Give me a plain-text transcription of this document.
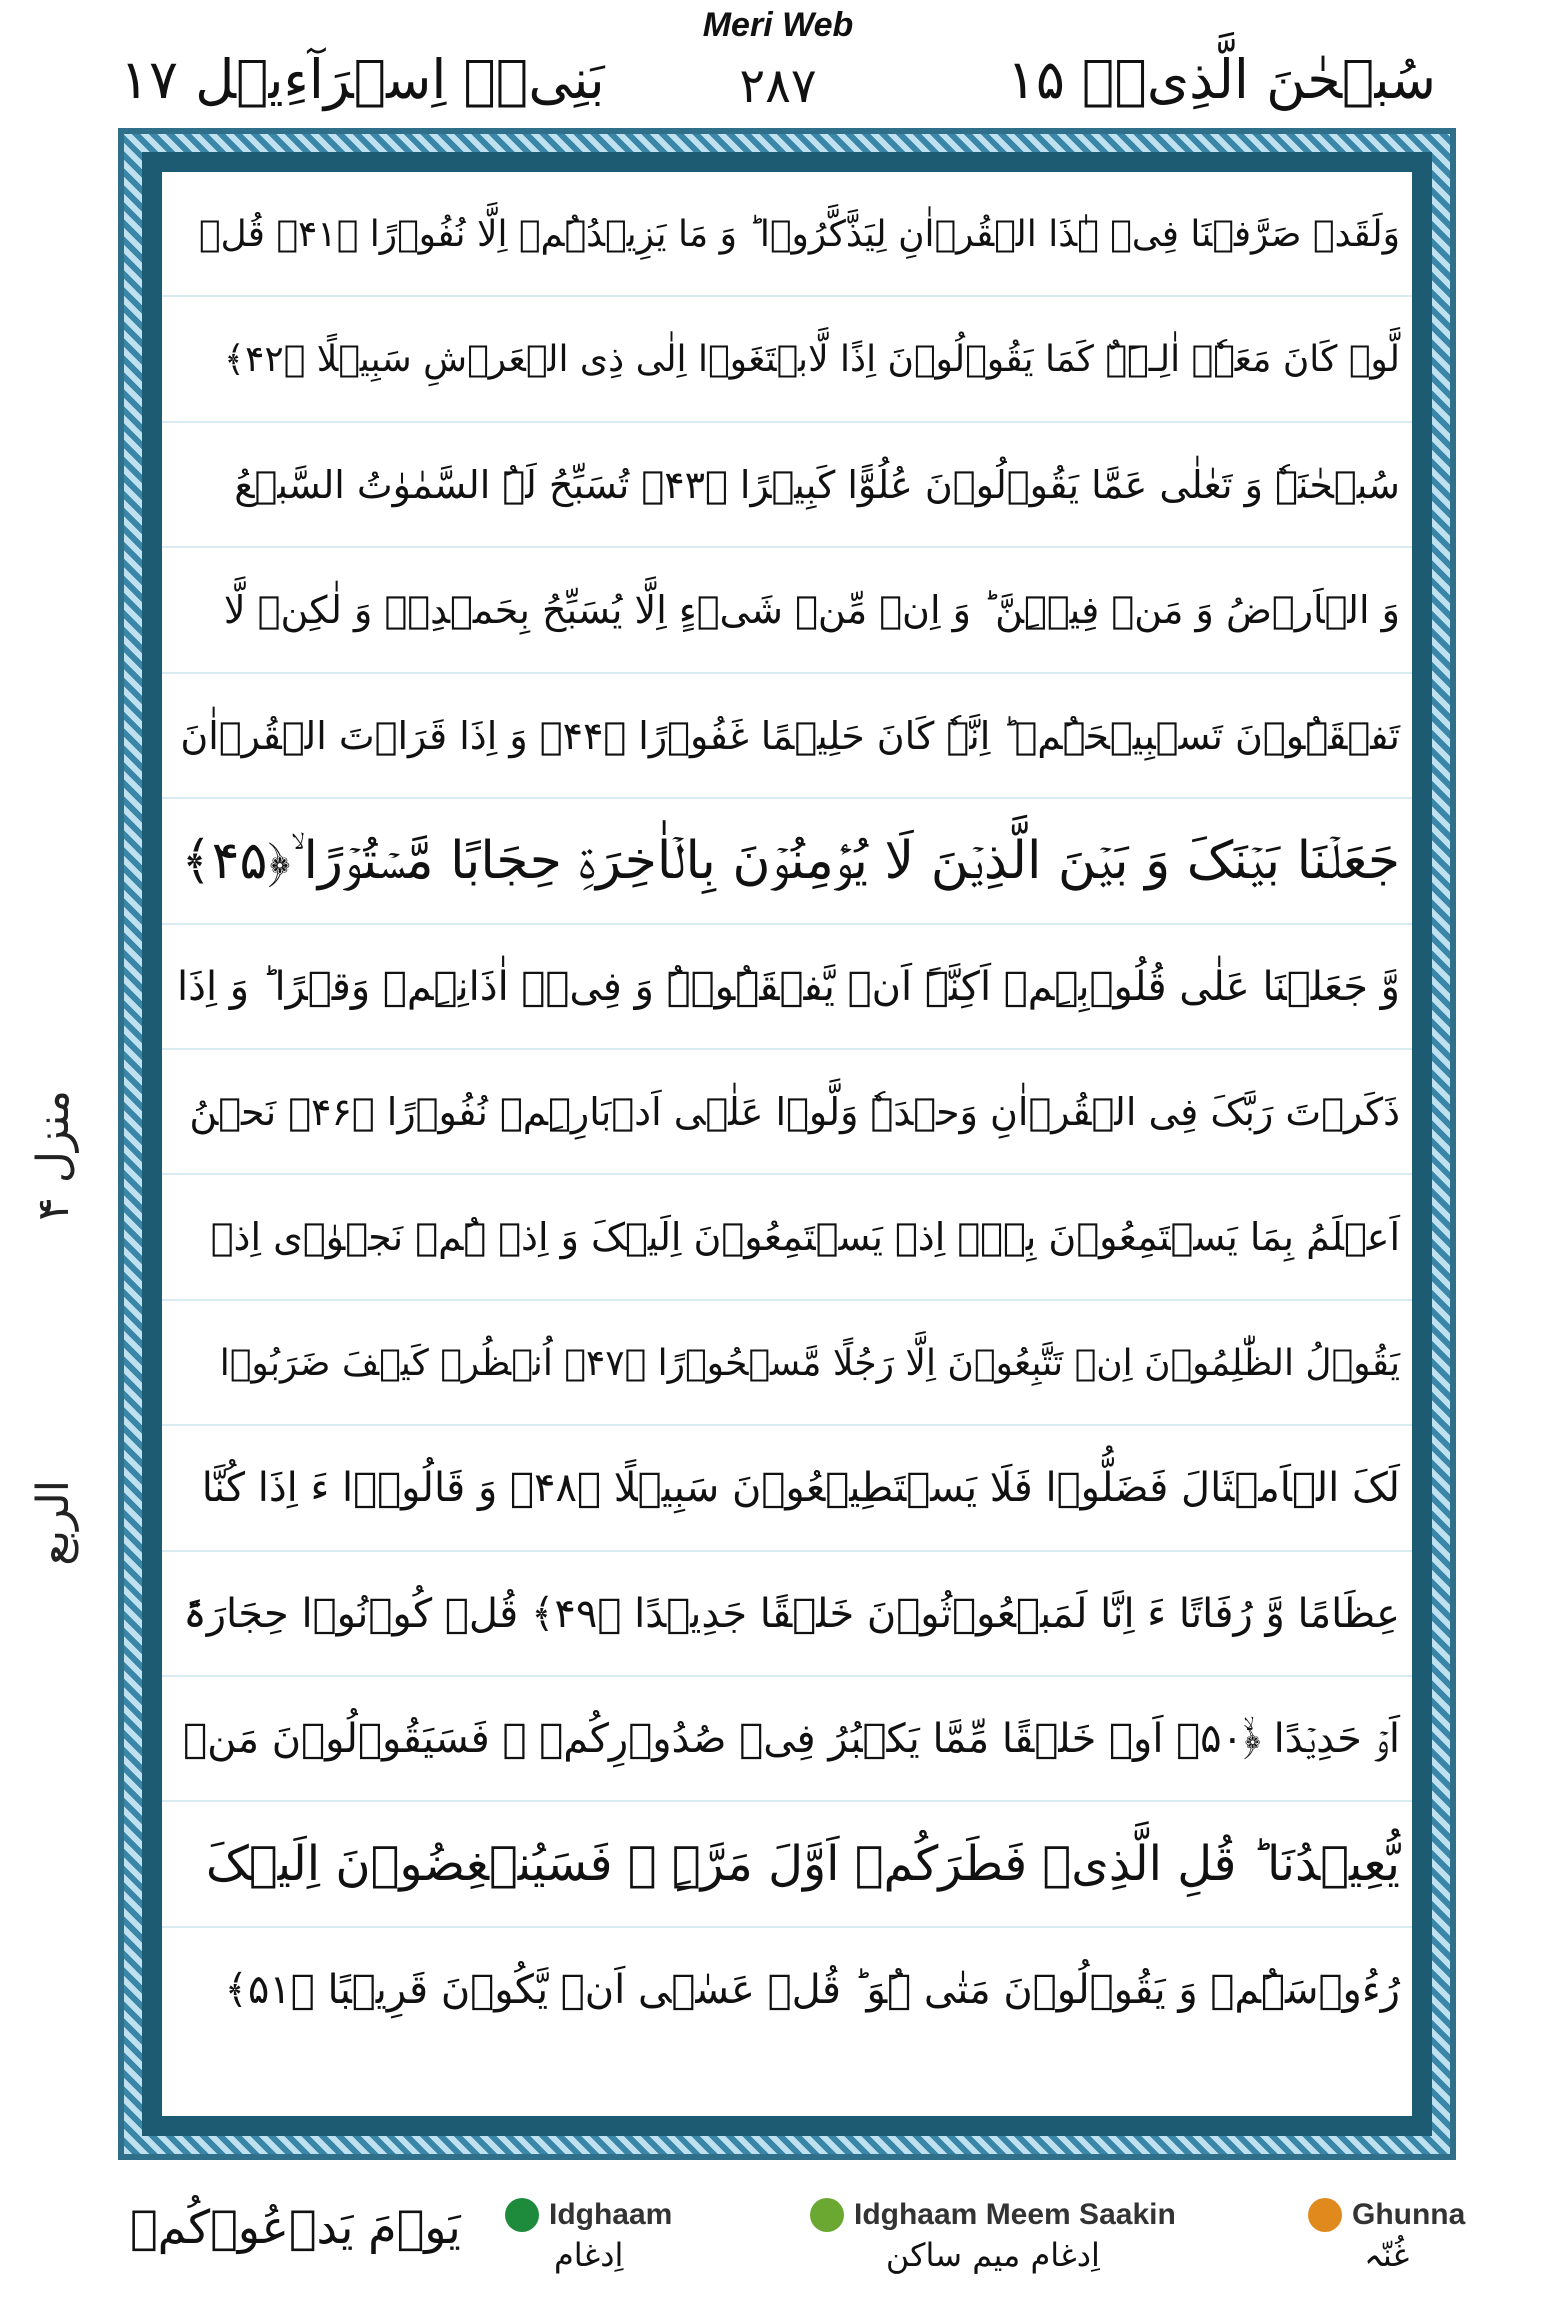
Meri Web
سُبۡحٰنَ الَّذِیۡۤ ۱۵
۲۸۷
بَنِیۡۤ اِسۡرَآءِیۡل ۱۷
منزل ۴
الربع
وَلَقَدۡ صَرَّفۡنَا فِیۡ ہٰذَا الۡقُرۡاٰنِ لِیَذَّکَّرُوۡا ؕ وَ مَا یَزِیۡدُہُمۡ اِلَّا نُفُوۡرًا ﴿۴۱﴾ قُلۡ
لَّوۡ کَانَ مَعَہٗۤ اٰلِـہَۃٌ کَمَا یَقُوۡلُوۡنَ اِذًا لَّابۡتَغَوۡا اِلٰی ذِی الۡعَرۡشِ سَبِیۡلًا ﴿۴۲﴾
سُبۡحٰنَہٗ وَ تَعٰلٰی عَمَّا یَقُوۡلُوۡنَ عُلُوًّا کَبِیۡرًا ﴿۴۳﴾ تُسَبِّحُ لَہُ السَّمٰوٰتُ السَّبۡعُ
وَ الۡاَرۡضُ وَ مَنۡ فِیۡہِنَّ ؕ وَ اِنۡ مِّنۡ شَیۡءٍ اِلَّا یُسَبِّحُ بِحَمۡدِہٖ وَ لٰکِنۡ لَّا
تَفۡقَہُوۡنَ تَسۡبِیۡحَہُمۡ ؕ اِنَّہٗ کَانَ حَلِیۡمًا غَفُوۡرًا ﴿۴۴﴾ وَ اِذَا قَرَاۡتَ الۡقُرۡاٰنَ
جَعَلۡنَا بَیۡنَکَ وَ بَیۡنَ الَّذِیۡنَ لَا یُؤۡمِنُوۡنَ بِالۡاٰخِرَۃِ حِجَابًا مَّسۡتُوۡرًا ۙ﴿۴۵﴾
وَّ جَعَلۡنَا عَلٰی قُلُوۡبِہِمۡ اَکِنَّۃً اَنۡ یَّفۡقَہُوۡہُ وَ فِیۡۤ اٰذَانِہِمۡ وَقۡرًا ؕ وَ اِذَا
ذَکَرۡتَ رَبَّکَ فِی الۡقُرۡاٰنِ وَحۡدَہٗ وَلَّوۡا عَلٰۤی اَدۡبَارِہِمۡ نُفُوۡرًا ﴿۴۶﴾ نَحۡنُ
اَعۡلَمُ بِمَا یَسۡتَمِعُوۡنَ بِہٖۤ اِذۡ یَسۡتَمِعُوۡنَ اِلَیۡکَ وَ اِذۡ ہُمۡ نَجۡوٰۤی اِذۡ
یَقُوۡلُ الظّٰلِمُوۡنَ اِنۡ تَتَّبِعُوۡنَ اِلَّا رَجُلًا مَّسۡحُوۡرًا ﴿۴۷﴾ اُنۡظُرۡ کَیۡفَ ضَرَبُوۡا
لَکَ الۡاَمۡثَالَ فَضَلُّوۡا فَلَا یَسۡتَطِیۡعُوۡنَ سَبِیۡلًا ﴿۴۸﴾ وَ قَالُوۡۤا ءَ اِذَا کُنَّا
عِظَامًا وَّ رُفَاتًا ءَ اِنَّا لَمَبۡعُوۡثُوۡنَ خَلۡقًا جَدِیۡدًا ﴿۴۹﴾ قُلۡ کُوۡنُوۡا حِجَارَۃً
اَوۡ حَدِیۡدًا ﴿ۙ۵۰﴾ اَوۡ خَلۡقًا مِّمَّا یَکۡبُرُ فِیۡ صُدُوۡرِکُمۡ ۚ فَسَیَقُوۡلُوۡنَ مَنۡ
یُّعِیۡدُنَا ؕ قُلِ الَّذِیۡ فَطَرَکُمۡ اَوَّلَ مَرَّۃٍ ۚ فَسَیُنۡغِضُوۡنَ اِلَیۡکَ
رُءُوۡسَہُمۡ وَ یَقُوۡلُوۡنَ مَتٰی ہُوَ ؕ قُلۡ عَسٰۤی اَنۡ یَّکُوۡنَ قَرِیۡبًا ﴿۵۱﴾
یَوۡمَ یَدۡعُوۡکُمۡ	Idghaam
اِدغام
Idghaam Meem Saakin
اِدغام میم ساکن
Ghunna
غُنّہ
